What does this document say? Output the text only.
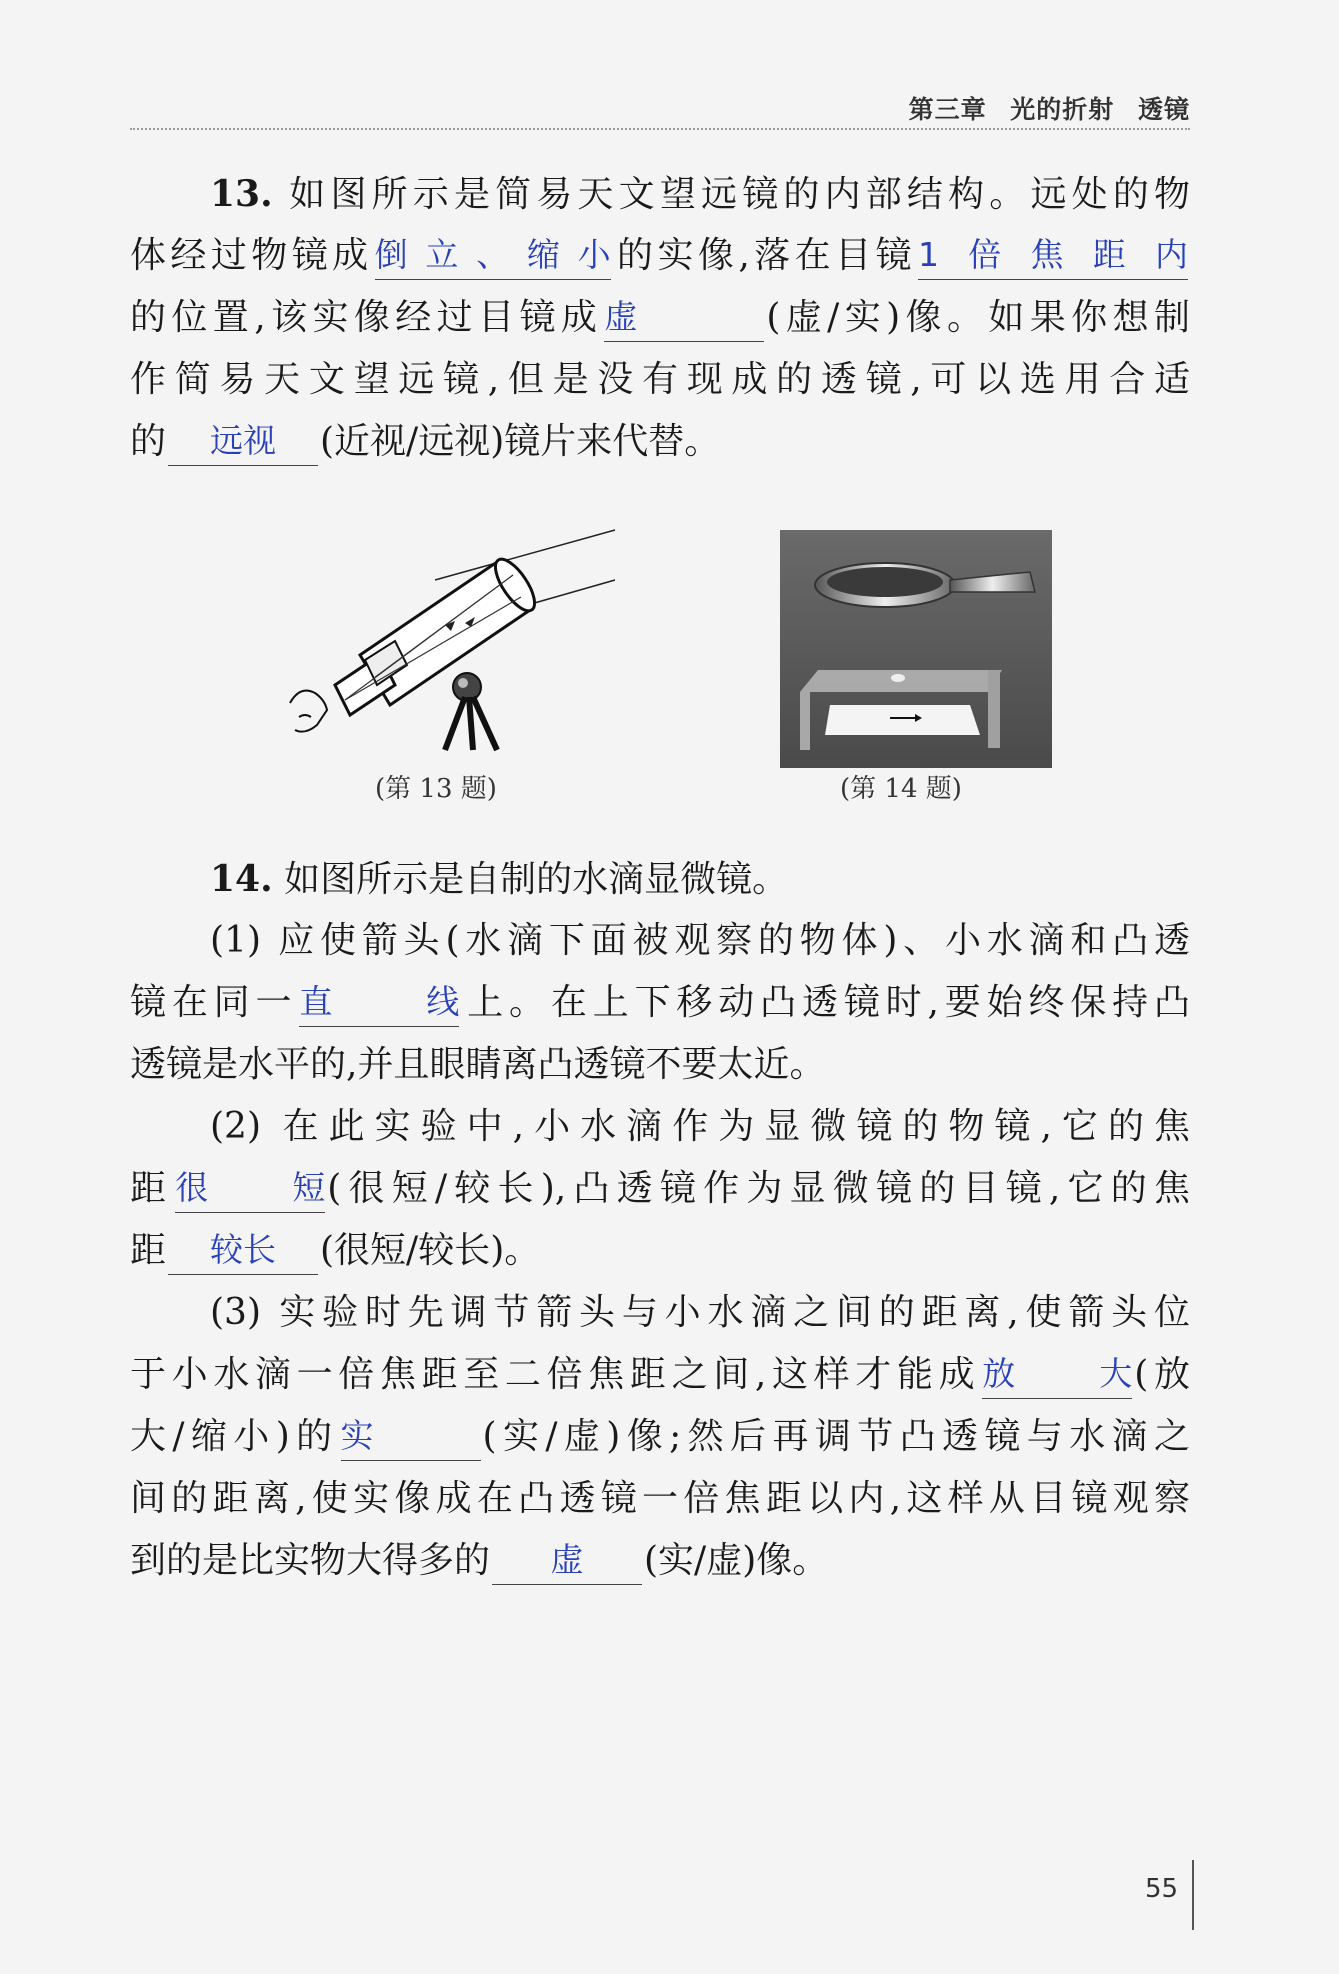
第三章 光的折射 透镜
13. 如图所示是简易天文望远镜的内部结构。远处的物
体经过物镜成 倒立、缩小 的实像,落在目镜 1倍焦距内
的位置,该实像经过目镜成 虚	(虚/实)像。如果你想制
作简易天文望远镜,但是没有现成的透镜,可以选用合适
的	远视	(近视/远视)镜片来代替。
(第 13 题)	(第 14 题)
14. 如图所示是自制的水滴显微镜。
(1) 应使箭头(水滴下面被观察的物体)、小水滴和凸透
镜在同一 直线 上。在上下移动凸透镜时,要始终保持凸
透镜是水平的,并且眼睛离凸透镜不要太近。
(2) 在此实验中,小水滴作为显微镜的物镜,它的焦
距 很短 (很短/较长),凸透镜作为显微镜的目镜,它的焦
距	较长	(很短/较长)。
(3) 实验时先调节箭头与小水滴之间的距离,使箭头位
于小水滴一倍焦距至二倍焦距之间,这样才能成 放大 (放
大/缩小)的 实	(实/虚)像;然后再调节凸透镜与水滴之
间的距离,使实像成在凸透镜一倍焦距以内,这样从目镜观察
到的是比实物大得多的	虚	(实/虚)像。
55
